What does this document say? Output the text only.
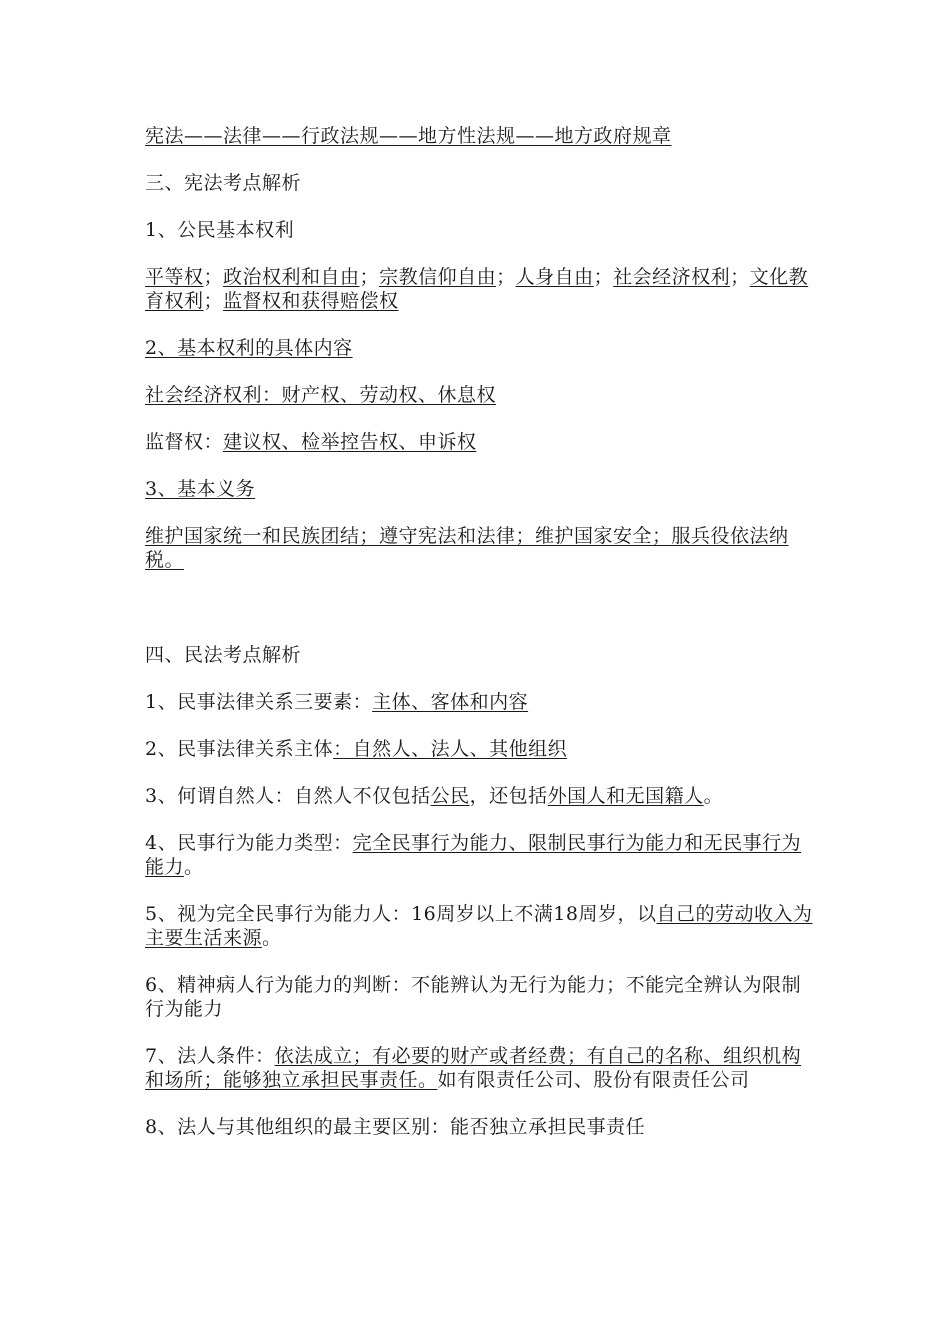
宪法——法律——行政法规——地方性法规——地方政府规章

三、宪法考点解析

1、公民基本权利

平等权；政治权利和自由；宗教信仰自由；人身自由；社会经济权利；文化教育权利；监督权和获得赔偿权

2、基本权利的具体内容

社会经济权利：财产权、劳动权、休息权

监督权：建议权、检举控告权、申诉权

3、基本义务

维护国家统一和民族团结；遵守宪法和法律；维护国家安全；服兵役依法纳税。

四、民法考点解析

1、民事法律关系三要素：主体、客体和内容

2、民事法律关系主体：自然人、法人、其他组织

3、何谓自然人：自然人不仅包括公民，还包括外国人和无国籍人。

4、民事行为能力类型：完全民事行为能力、限制民事行为能力和无民事行为能力。

5、视为完全民事行为能力人：16周岁以上不满18周岁，以自己的劳动收入为主要生活来源。

6、精神病人行为能力的判断：不能辨认为无行为能力；不能完全辨认为限制行为能力

7、法人条件：依法成立；有必要的财产或者经费；有自己的名称、组织机构和场所；能够独立承担民事责任。如有限责任公司、股份有限责任公司

8、法人与其他组织的最主要区别：能否独立承担民事责任
